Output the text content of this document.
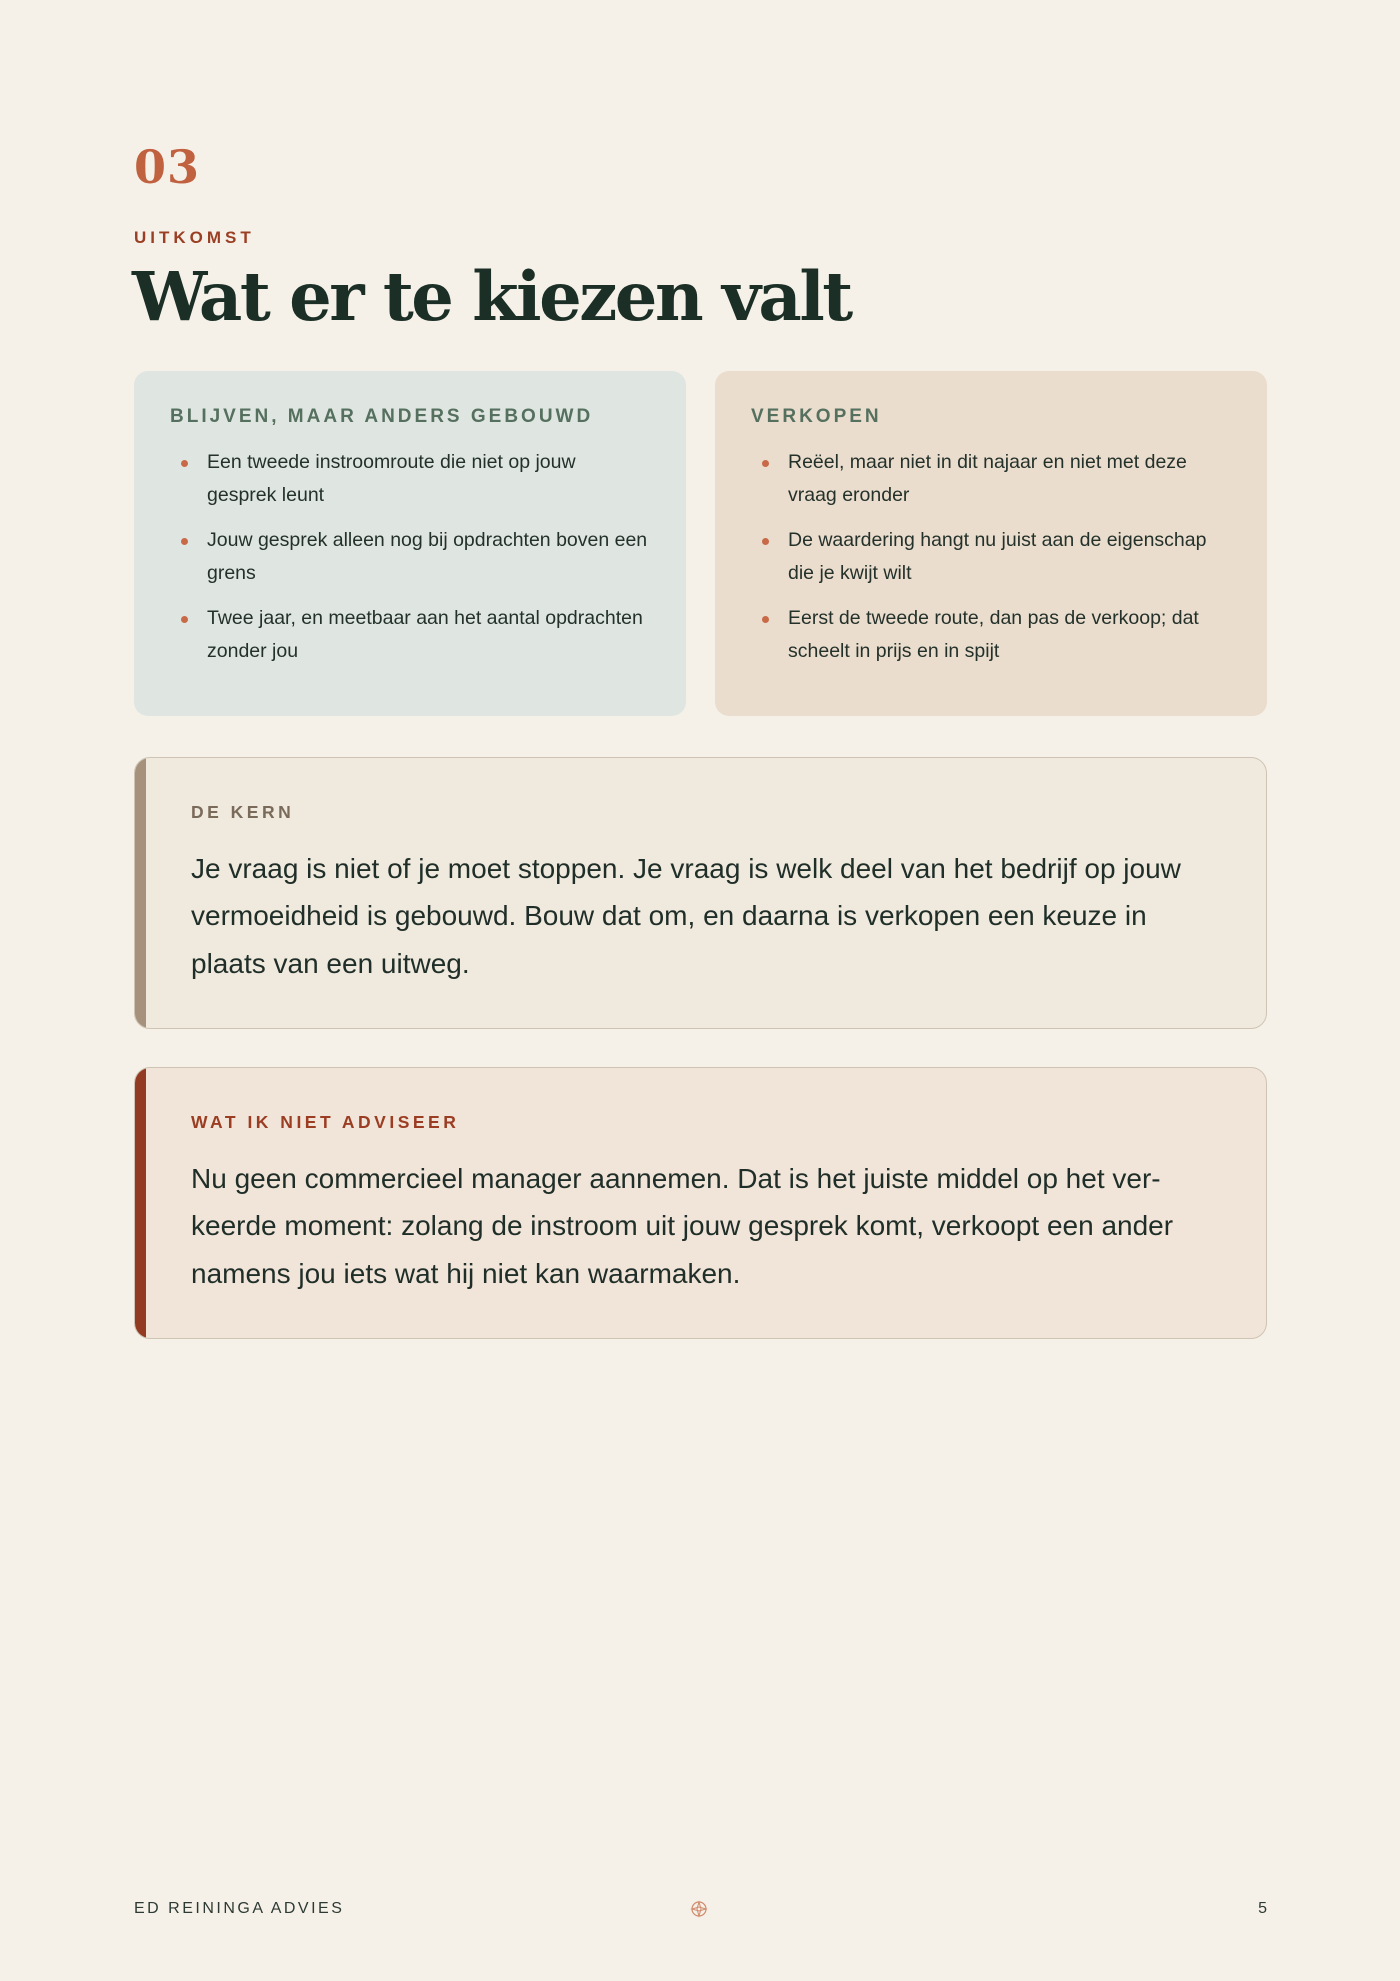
03
UITKOMST
Wat er te kiezen valt
BLIJVEN, MAAR ANDERS GEBOUWD
Een tweede instroomroute die niet op jouw gesprek leunt
Jouw gesprek alleen nog bij opdrachten boven een grens
Twee jaar, en meetbaar aan het aantal opdrachten zonder jou
VERKOPEN
Reëel, maar niet in dit najaar en niet met deze vraag eronder
De waardering hangt nu juist aan de eigenschap die je kwijt wilt
Eerst de tweede route, dan pas de verkoop; dat scheelt in prijs en in spijt
DE KERN

Je vraag is niet of je moet stoppen. Je vraag is welk deel van het bedrijf op jouw vermoeidheid is gebouwd. Bouw dat om, en daarna is verkopen een keuze in plaats van een uitweg.

WAT IK NIET ADVISEER

Nu geen commercieel manager aannemen. Dat is het juiste middel op het verkeerde moment: zolang de instroom uit jouw gesprek komt, verkoopt een ander namens jou iets wat hij niet kan waarmaken.

ED REININGA ADVIES	5
